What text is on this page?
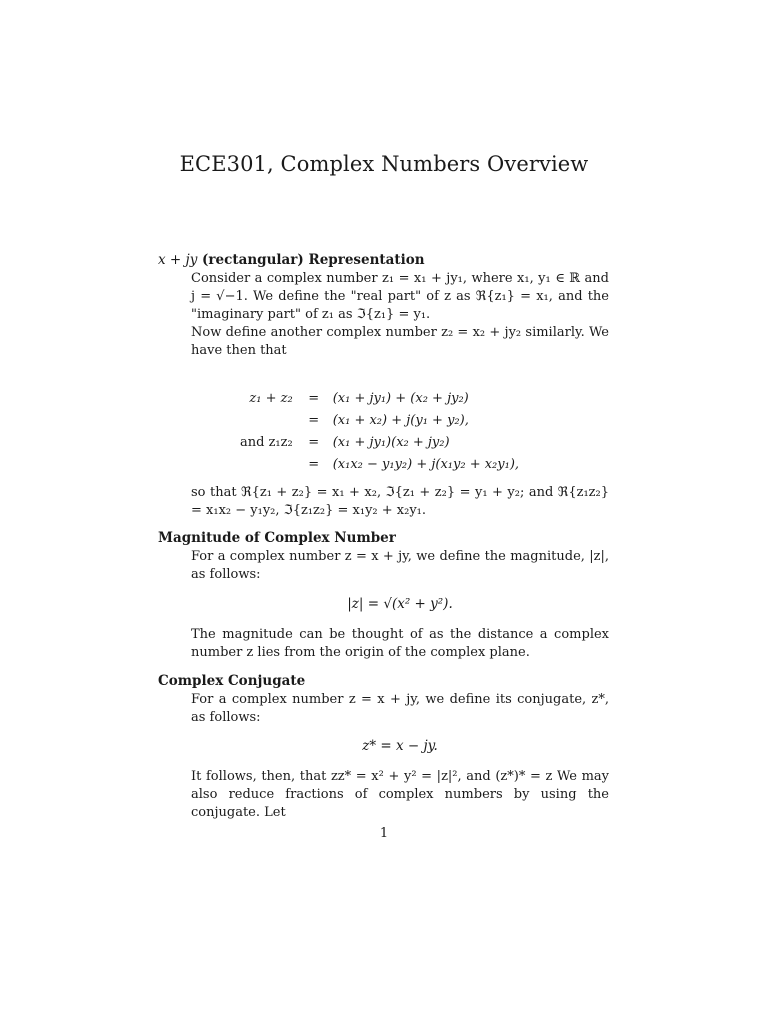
ECE301, Complex Numbers Overview
x + jy (rectangular) Representation

Consider a complex number z₁ = x₁ + jy₁, where x₁, y₁ ∈ ℝ and j = √−1. We define the "real part" of z as ℜ{z₁} = x₁, and the "imaginary part" of z₁ as ℑ{z₁} = y₁.

Now define another complex number z₂ = x₂ + jy₂ similarly. We have then that

z₁ + z₂	=	(x₁ + jy₁) + (x₂ + jy₂)
	=	(x₁ + x₂) + j(y₁ + y₂),
and z₁z₂	=	(x₁ + jy₁)(x₂ + jy₂)
	=	(x₁x₂ − y₁y₂) + j(x₁y₂ + x₂y₁),

so that ℜ{z₁ + z₂} = x₁ + x₂, ℑ{z₁ + z₂} = y₁ + y₂; and ℜ{z₁z₂} = x₁x₂ − y₁y₂, ℑ{z₁z₂} = x₁y₂ + x₂y₁.

Magnitude of Complex Number

For a complex number z = x + jy, we define the magnitude, |z|, as follows:

|z| = √(x² + y²).

The magnitude can be thought of as the distance a complex number z lies from the origin of the complex plane.

Complex Conjugate

For a complex number z = x + jy, we define its conjugate, z*, as follows:

z* = x − jy.

It follows, then, that zz* = x² + y² = |z|², and (z*)* = z We may also reduce fractions of complex numbers by using the conjugate. Let

1
